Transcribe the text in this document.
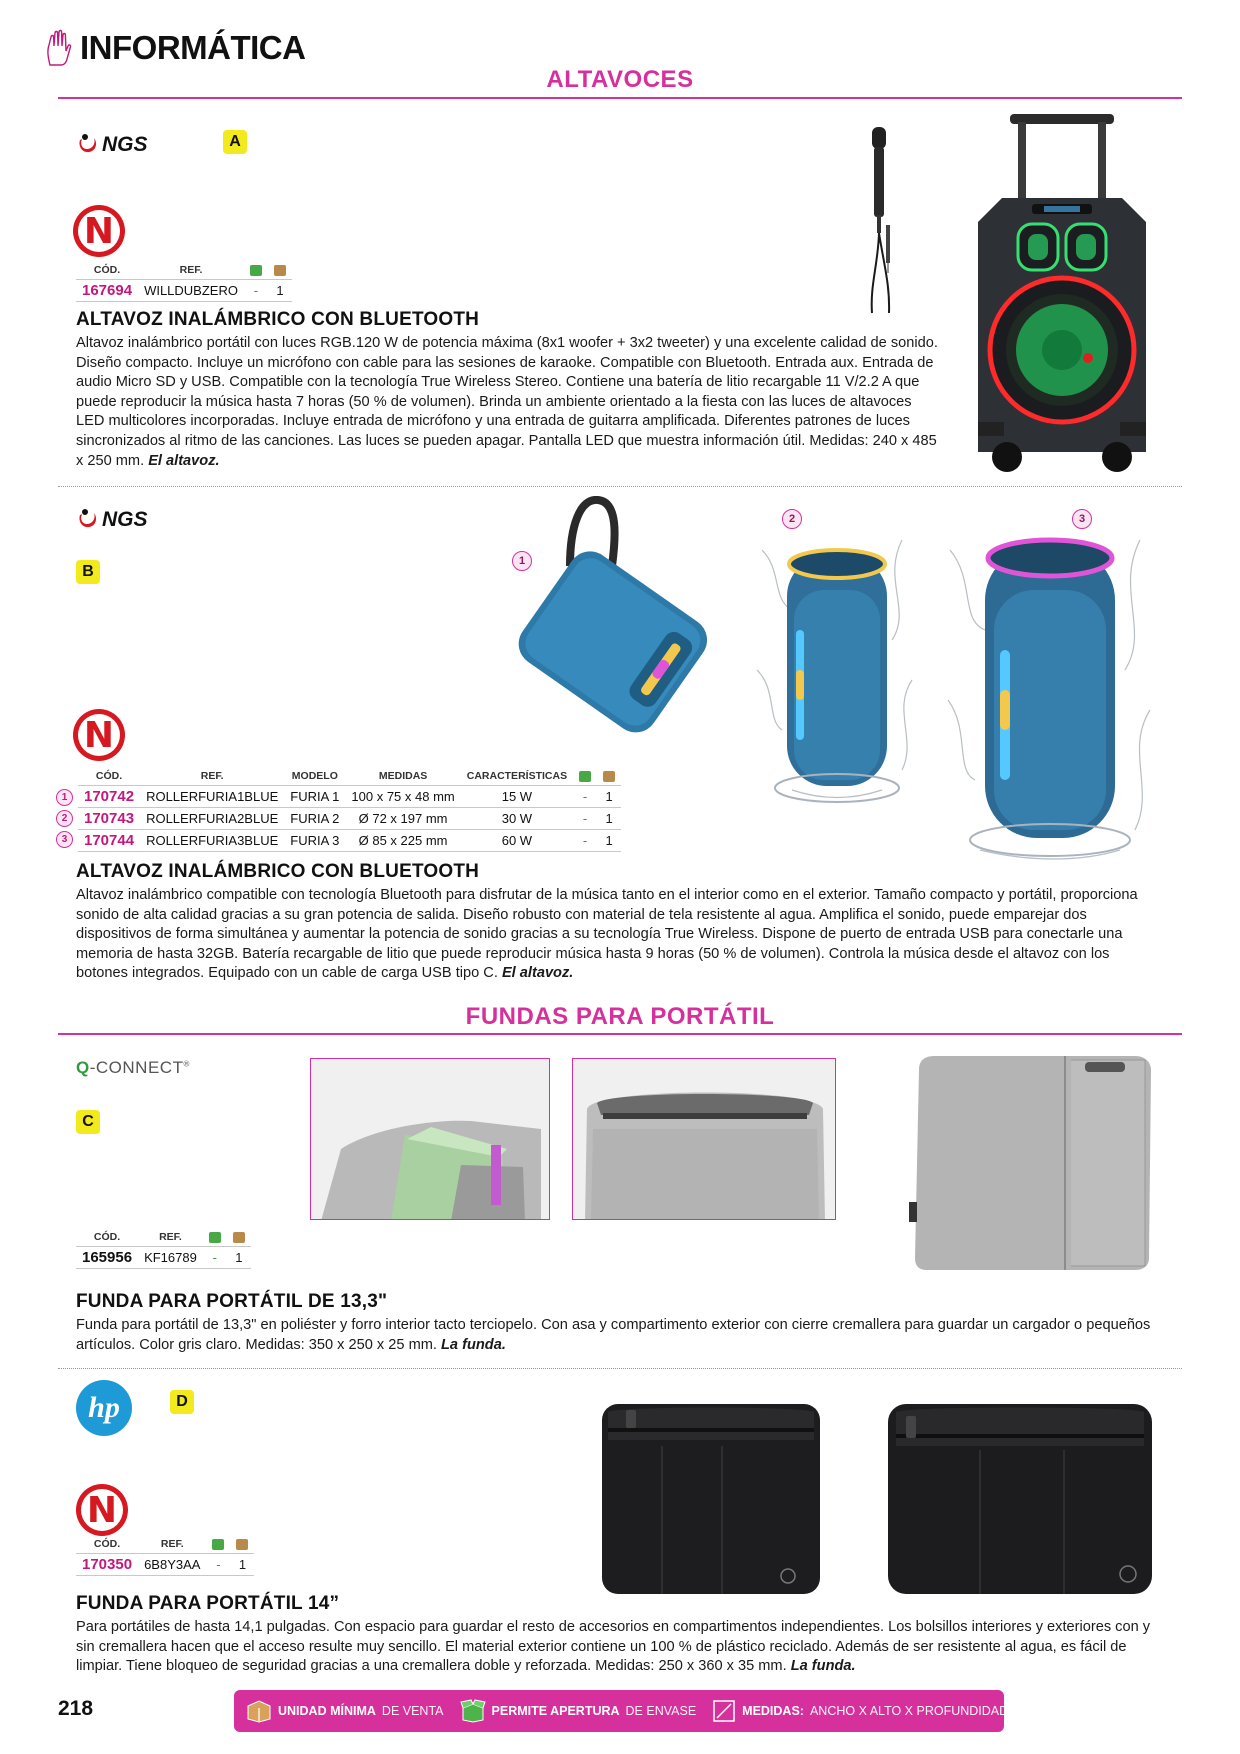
INFORMÁTICA
ALTAVOCES
NGS	A
N
CÓD.	REF.		
167694	WILLDUBZERO	-	1
ALTAVOZ INALÁMBRICO CON BLUETOOTH
Altavoz inalámbrico portátil con luces RGB.120 W de potencia máxima (8x1 woofer + 3x2 tweeter) y una excelente calidad de sonido. Diseño compacto. Incluye un micrófono con cable para las sesiones de karaoke. Compatible con Bluetooth. Entrada aux. Entrada de audio Micro SD y USB. Compatible con la tecnología True Wireless Stereo. Contiene una batería de litio recargable 11 V/2.2 A que puede reproducir la música hasta 7 horas (50 % de volumen). Brinda un ambiente orientado a la fiesta con las luces de altavoces LED multicolores incorporadas. Incluye entrada de micrófono y una entrada de guitarra amplificada. Diferentes patrones de luces sincronizados al ritmo de las canciones. Las luces se pueden apagar. Pantalla LED que muestra información útil. Medidas: 240 x 485 x 250 mm. El altavoz.
NGS
B
N
1
2	3
1
2
3
CÓD.	REF.	MODELO	MEDIDAS	CARACTERÍSTICAS		
170742	ROLLERFURIA1BLUE	FURIA 1	100 x 75 x 48 mm	15 W	-	1
170743	ROLLERFURIA2BLUE	FURIA 2	Ø 72 x 197 mm	30 W	-	1
170744	ROLLERFURIA3BLUE	FURIA 3	Ø 85 x 225 mm	60 W	-	1
ALTAVOZ INALÁMBRICO CON BLUETOOTH
Altavoz inalámbrico compatible con tecnología Bluetooth para disfrutar de la música tanto en el interior como en el exterior. Tamaño compacto y portátil, proporciona sonido de alta calidad gracias a su gran potencia de salida. Diseño robusto con material de tela resistente al agua. Amplifica el sonido, puede emparejar dos dispositivos de forma simultánea y aumentar la potencia de sonido gracias a su tecnología True Wireless. Dispone de puerto de entrada USB para conectarle una memoria de hasta 32GB. Batería recargable de litio que puede reproducir música hasta 9 horas (50 % de volumen). Controla la música desde el altavoz con los botones integrados. Equipado con un cable de carga USB tipo C. El altavoz.
FUNDAS PARA PORTÁTIL
Q-CONNECT®
C
CÓD.	REF.		
165956	KF16789	-	1
FUNDA PARA PORTÁTIL DE 13,3"
Funda para portátil de 13,3" en poliéster y forro interior tacto terciopelo. Con asa y compartimento exterior con cierre cremallera para guardar un cargador o pequeños artículos. Color gris claro. Medidas: 350 x 250 x 25 mm. La funda.
hp	D
N
CÓD.	REF.		
170350	6B8Y3AA	-	1
FUNDA PARA PORTÁTIL 14”
Para portátiles de hasta 14,1 pulgadas. Con espacio para guardar el resto de accesorios en compartimentos independientes. Los bolsillos interiores y exteriores con y sin cremallera hacen que el acceso resulte muy sencillo. El material exterior contiene un 100 % de plástico reciclado. Además de ser resistente al agua, es fácil de limpiar. Tiene bloqueo de seguridad gracias a una cremallera doble y reforzada. Medidas: 250 x 360 x 35 mm. La funda.
218	UNIDAD MÍNIMA DE VENTA	PERMITE APERTURA DE ENVASE	MEDIDAS: ANCHO X ALTO X PROFUNDIDAD
